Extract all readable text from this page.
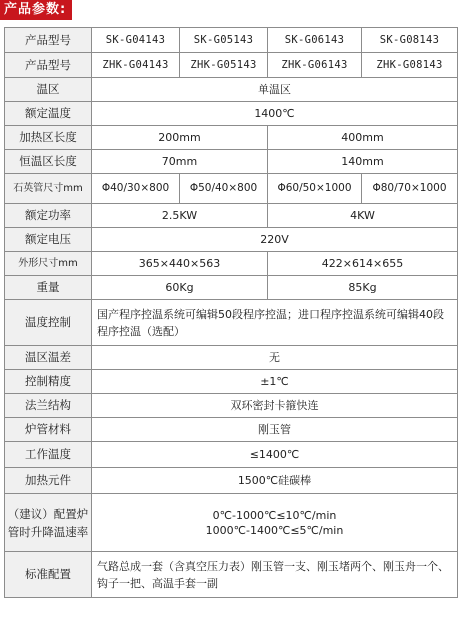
产品参数:
产品型号	SK-G04143	SK-G05143	SK-G06143	SK-G08143
产品型号	ZHK-G04143	ZHK-G05143	ZHK-G06143	ZHK-G08143
温区	单温区			
额定温度	1400℃			
加热区长度	200mm		400mm	
恒温区长度	70mm		140mm	
石英管尺寸mm	Φ40/30×800	Φ50/40×800	Φ60/50×1000	Φ80/70×1000
额定功率	2.5KW		4KW	
额定电压	220V			
外形尺寸mm	365×440×563		422×614×655	
重量	60Kg		85Kg	
温度控制	国产程序控温系统可编辑50段程序控温；进口程序控温系统可编辑40段程序控温（选配）			
温区温差	无			
控制精度	±1℃			
法兰结构	双环密封卡箍快连			
炉管材料	刚玉管			
工作温度	≤1400℃			
加热元件	1500℃硅碳棒			
（建议）配置炉管时升降温速率	0℃-1000℃≤10℃/min
1000℃-1400℃≤5℃/min			

标准配置	气路总成一套（含真空压力表）刚玉管一支、刚玉堵两个、刚玉舟一个、钩子一把、高温手套一副			
